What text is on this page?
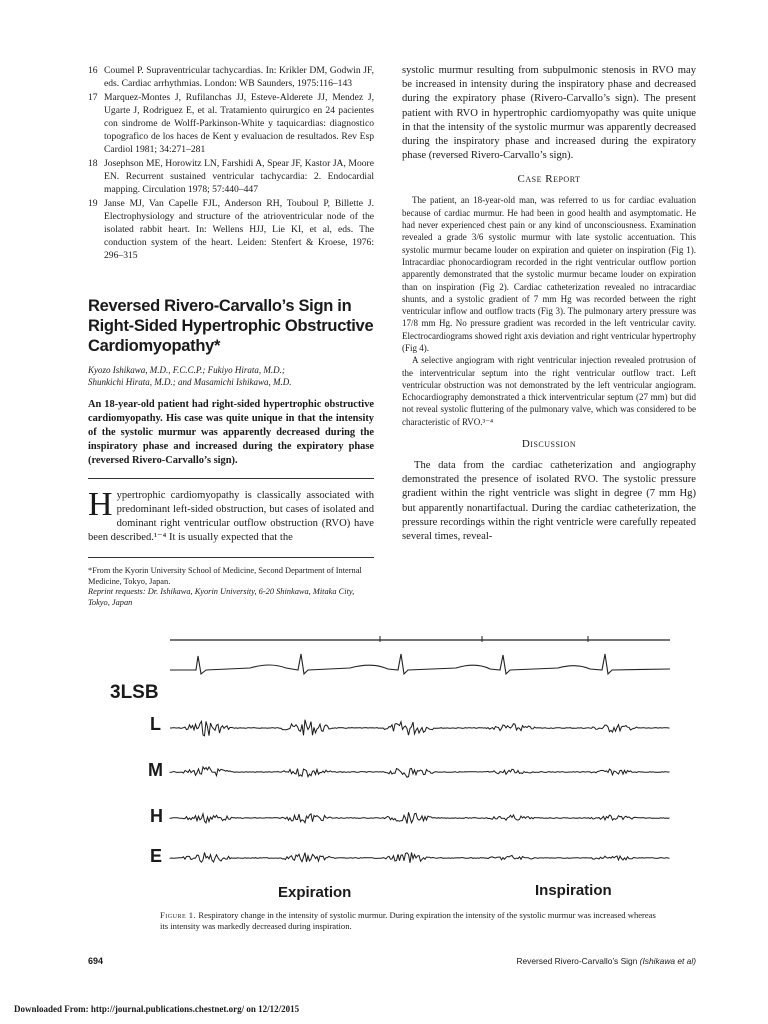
16 Coumel P. Supraventricular tachycardias. In: Krikler DM, Godwin JF, eds. Cardiac arrhythmias. London: WB Saunders, 1975:116–143
17 Marquez-Montes J, Rufilanchas JJ, Esteve-Alderete JJ, Mendez J, Ugarte J, Rodriguez E, et al. Tratamiento quirurgico en 24 pacientes con sindrome de Wolff-Parkinson-White y taquicardias: diagnostico topografico de los haces de Kent y evaluacion de resultados. Rev Esp Cardiol 1981; 34:271–281
18 Josephson ME, Horowitz LN, Farshidi A, Spear JF, Kastor JA, Moore EN. Recurrent sustained ventricular tachycardia: 2. Endocardial mapping. Circulation 1978; 57:440–447
19 Janse MJ, Van Capelle FJL, Anderson RH, Touboul P, Billette J. Electrophysiology and structure of the atrioventricular node of the isolated rabbit heart. In: Wellens HJJ, Lie KI, et al, eds. The conduction system of the heart. Leiden: Stenfert & Kroese, 1976: 296–315
Reversed Rivero-Carvallo’s Sign in Right-Sided Hypertrophic Obstructive Cardiomyopathy*
Kyozo Ishikawa, M.D., F.C.C.P.; Fukiyo Hirata, M.D.;
Shunkichi Hirata, M.D.; and Masamichi Ishikawa, M.D.
An 18-year-old patient had right-sided hypertrophic obstructive cardiomyopathy. His case was quite unique in that the intensity of the systolic murmur was apparently decreased during the inspiratory phase and increased during the expiratory phase (reversed Rivero-Carvallo’s sign).
H ypertrophic cardiomyopathy is classically associated with predominant left-sided obstruction, but cases of isolated and dominant right ventricular outflow obstruction (RVO) have been described.¹⁻⁴ It is usually expected that the

*From the Kyorin University School of Medicine, Second Department of Internal Medicine, Tokyo, Japan.

Reprint requests: Dr. Ishikawa, Kyorin University, 6-20 Shinkawa, Mitaka City, Tokyo, Japan

systolic murmur resulting from subpulmonic stenosis in RVO may be increased in intensity during the inspiratory phase and decreased during the expiratory phase (Rivero-Carvallo’s sign). The present patient with RVO in hypertrophic cardiomyopathy was quite unique in that the intensity of the systolic murmur was apparently decreased during the inspiratory phase and increased during the expiratory phase (reversed Rivero-Carvallo’s sign).

Case Report

The patient, an 18-year-old man, was referred to us for cardiac evaluation because of cardiac murmur. He had been in good health and asymptomatic. He had never experienced chest pain or any kind of unconsciousness. Examination revealed a grade 3/6 systolic murmur with late systolic accentuation. This systolic murmur became louder on expiration and quieter on inspiration (Fig 1). Intracardiac phonocardiogram recorded in the right ventricular outflow portion apparently demonstrated that the systolic murmur became louder on expiration than on inspiration (Fig 2). Cardiac catheterization revealed no intracardiac shunts, and a systolic gradient of 7 mm Hg was recorded between the right ventricular inflow and outflow tracts (Fig 3). The pulmonary artery pressure was 17/8 mm Hg. No pressure gradient was recorded in the left ventricular cavity. Electrocardiograms showed right axis deviation and right ventricular hypertrophy (Fig 4).

A selective angiogram with right ventricular injection revealed protrusion of the interventricular septum into the right ventricular outflow tract. Left ventricular obstruction was not demonstrated by the left ventricular angiogram. Echocardiography demonstrated a thick interventricular septum (27 mm) but did not reveal systolic fluttering of the pulmonary valve, which was considered to be characteristic of RVO.³⁻⁴

Discussion

The data from the cardiac catheterization and angiography demonstrated the presence of isolated RVO. The systolic pressure gradient within the right ventricle was slight in degree (7 mm Hg) but apparently nonartifactual. During the cardiac catheterization, the pressure recordings within the right ventricle were carefully repeated several times, reveal-

3LSB
L
M
H
E
Expiration	Inspiration
Figure 1. Respiratory change in the intensity of systolic murmur. During expiration the intensity of the systolic murmur was increased whereas its intensity was markedly decreased during inspiration.
694	Reversed Rivero-Carvallo’s Sign (Ishikawa et al)
Downloaded From: http://journal.publications.chestnet.org/ on 12/12/2015
